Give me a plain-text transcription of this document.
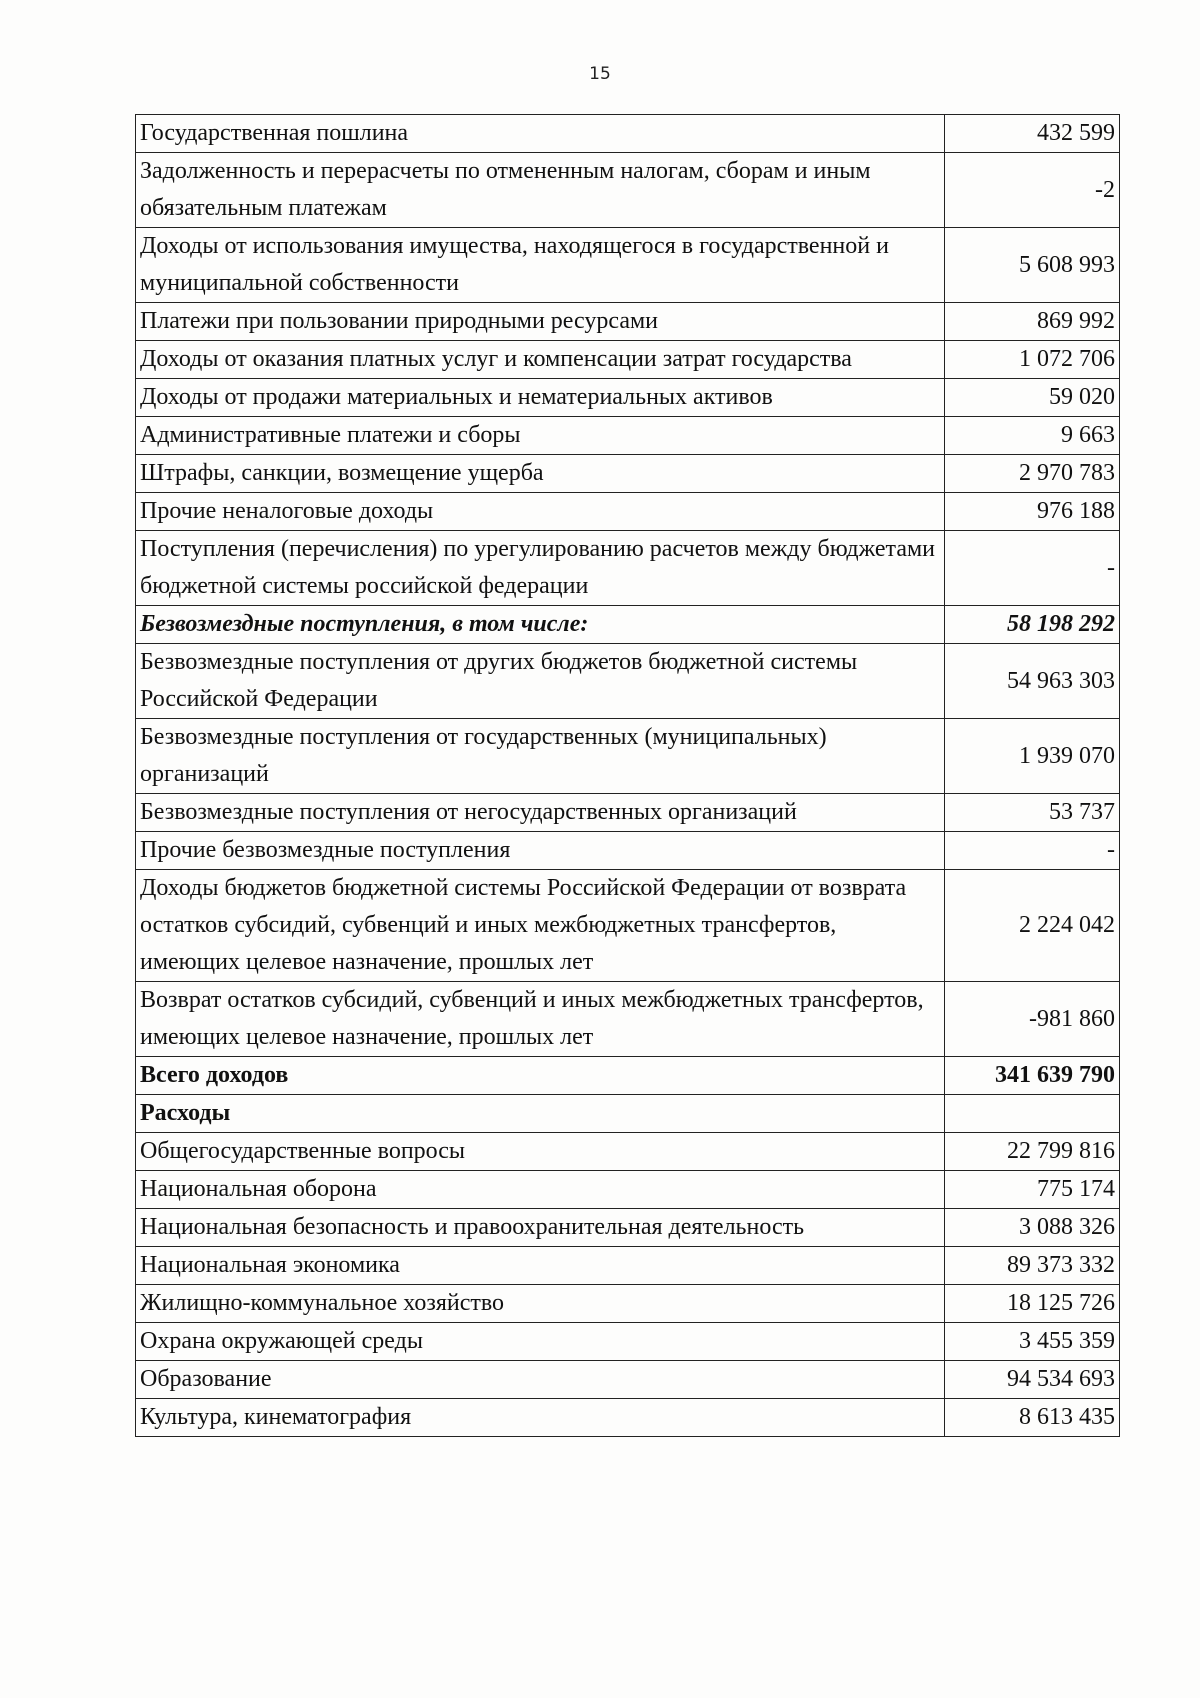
15
Государственная пошлина	432 599
Задолженность и перерасчеты по отмененным налогам, сборам и иным обязательным платежам	-2
Доходы от использования имущества, находящегося в государственной и муниципальной собственности	5 608 993
Платежи при пользовании природными ресурсами	869 992
Доходы от оказания платных услуг и компенсации затрат государства	1 072 706
Доходы от продажи материальных и нематериальных активов	59 020
Административные платежи и сборы	9 663
Штрафы, санкции, возмещение ущерба	2 970 783
Прочие неналоговые доходы	976 188
Поступления (перечисления) по урегулированию расчетов между бюджетами бюджетной системы российской федерации	-
Безвозмездные поступления, в том числе:	58 198 292
Безвозмездные поступления от других бюджетов бюджетной системы Российской Федерации	54 963 303
Безвозмездные поступления от государственных (муниципальных) организаций	1 939 070
Безвозмездные поступления от негосударственных организаций	53 737
Прочие безвозмездные поступления	-
Доходы бюджетов бюджетной системы Российской Федерации от возврата остатков субсидий, субвенций и иных межбюджетных трансфертов, имеющих целевое назначение, прошлых лет	2 224 042
Возврат остатков субсидий, субвенций и иных межбюджетных трансфертов, имеющих целевое назначение, прошлых лет	-981 860
Всего доходов	341 639 790
Расходы	
Общегосударственные вопросы	22 799 816
Национальная оборона	775 174
Национальная безопасность и правоохранительная деятельность	3 088 326
Национальная экономика	89 373 332
Жилищно-коммунальное хозяйство	18 125 726
Охрана окружающей среды	3 455 359
Образование	94 534 693
Культура, кинематография	8 613 435
